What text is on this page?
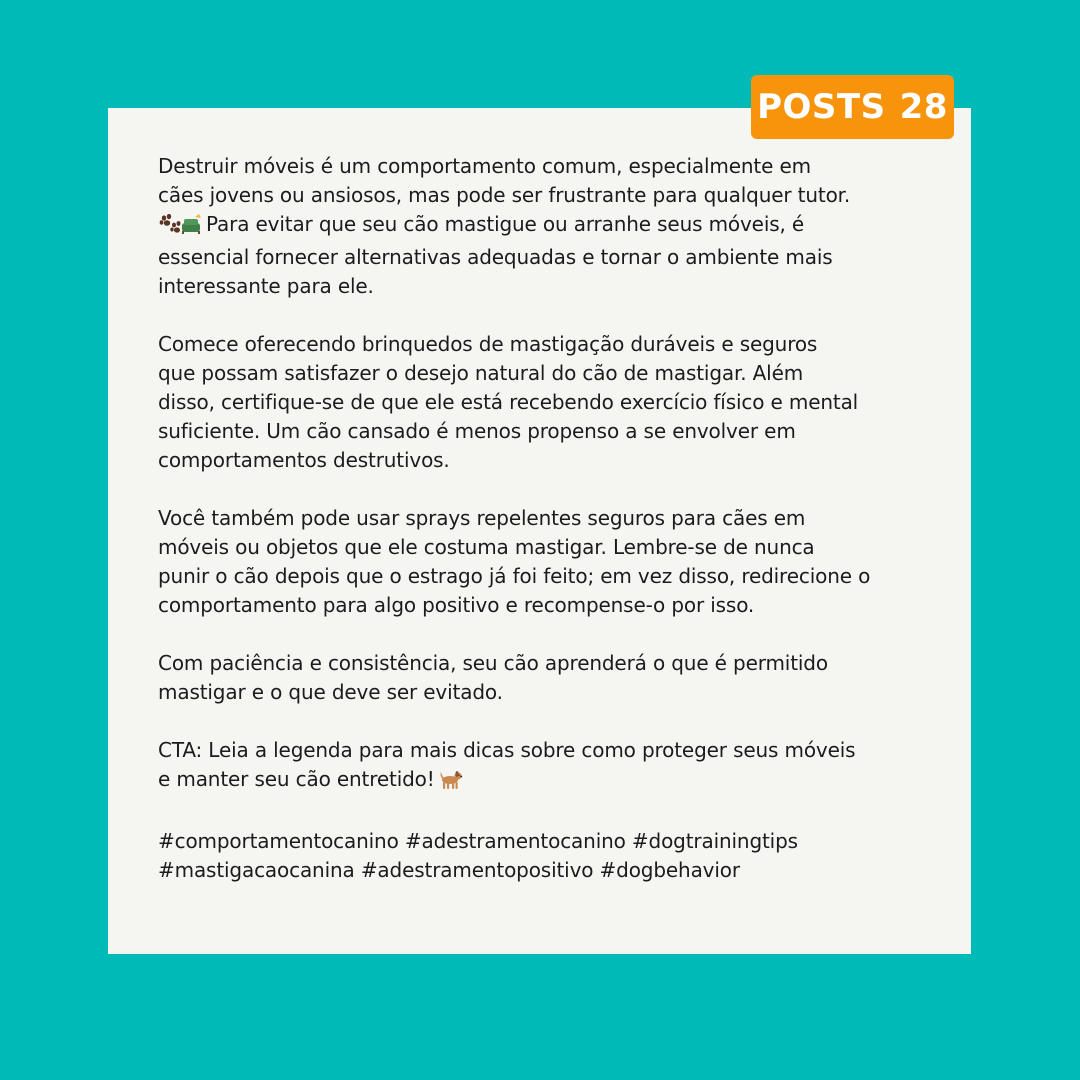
POSTS 28

Destruir móveis é um comportamento comum, especialmente em
cães jovens ou ansiosos, mas pode ser frustrante para qualquer tutor.
Para evitar que seu cão mastigue ou arranhe seus móveis, é
essencial fornecer alternativas adequadas e tornar o ambiente mais
interessante para ele.

Comece oferecendo brinquedos de mastigação duráveis e seguros
que possam satisfazer o desejo natural do cão de mastigar. Além
disso, certifique-se de que ele está recebendo exercício físico e mental
suficiente. Um cão cansado é menos propenso a se envolver em
comportamentos destrutivos.

Você também pode usar sprays repelentes seguros para cães em
móveis ou objetos que ele costuma mastigar. Lembre-se de nunca
punir o cão depois que o estrago já foi feito; em vez disso, redirecione o
comportamento para algo positivo e recompense-o por isso.

Com paciência e consistência, seu cão aprenderá o que é permitido
mastigar e o que deve ser evitado.

CTA: Leia a legenda para mais dicas sobre como proteger seus móveis
e manter seu cão entretido!

#comportamentocanino #adestramentocanino #dogtrainingtips
#mastigacaocanina #adestramentopositivo #dogbehavior
